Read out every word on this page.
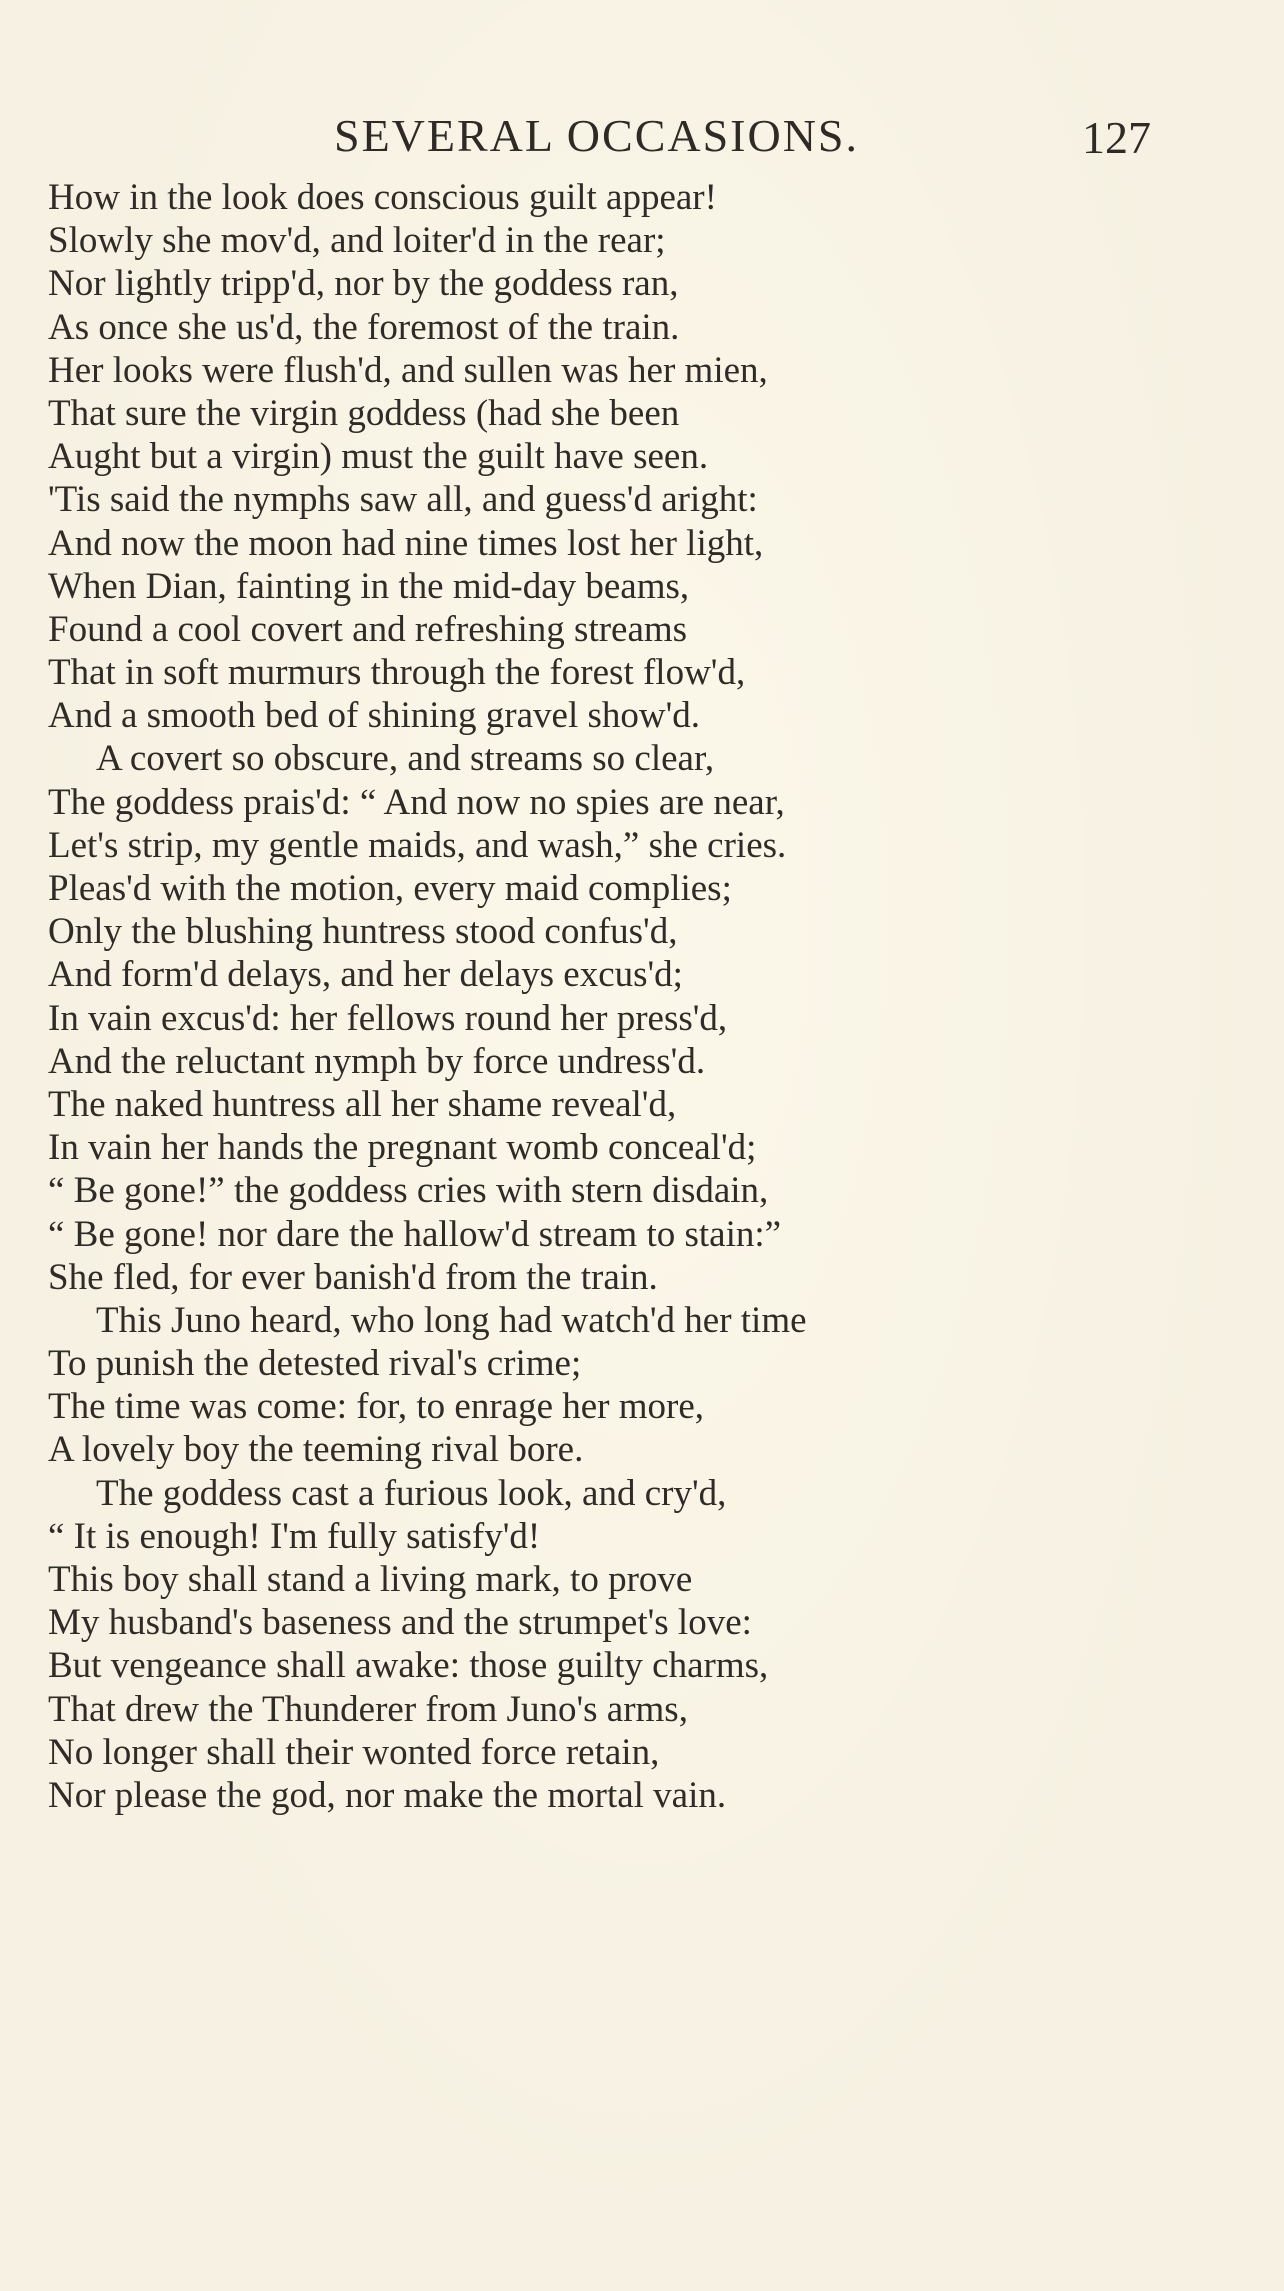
SEVERAL OCCASIONS.	127
How in the look does conscious guilt appear!
Slowly she mov'd, and loiter'd in the rear;
Nor lightly tripp'd, nor by the goddess ran,
As once she us'd, the foremost of the train.
Her looks were flush'd, and sullen was her mien,
That sure the virgin goddess (had she been
Aught but a virgin) must the guilt have seen.
'Tis said the nymphs saw all, and guess'd aright:
And now the moon had nine times lost her light,
When Dian, fainting in the mid-day beams,
Found a cool covert and refreshing streams
That in soft murmurs through the forest flow'd,
And a smooth bed of shining gravel show'd.
A covert so obscure, and streams so clear,
The goddess prais'd: “ And now no spies are near,
Let's strip, my gentle maids, and wash,” she cries.
Pleas'd with the motion, every maid complies;
Only the blushing huntress stood confus'd,
And form'd delays, and her delays excus'd;
In vain excus'd: her fellows round her press'd,
And the reluctant nymph by force undress'd.
The naked huntress all her shame reveal'd,
In vain her hands the pregnant womb conceal'd;
“ Be gone!” the goddess cries with stern disdain,
“ Be gone! nor dare the hallow'd stream to stain:”
She fled, for ever banish'd from the train.
This Juno heard, who long had watch'd her time
To punish the detested rival's crime;
The time was come: for, to enrage her more,
A lovely boy the teeming rival bore.
The goddess cast a furious look, and cry'd,
“ It is enough! I'm fully satisfy'd!
This boy shall stand a living mark, to prove
My husband's baseness and the strumpet's love:
But vengeance shall awake: those guilty charms,
That drew the Thunderer from Juno's arms,
No longer shall their wonted force retain,
Nor please the god, nor make the mortal vain.
